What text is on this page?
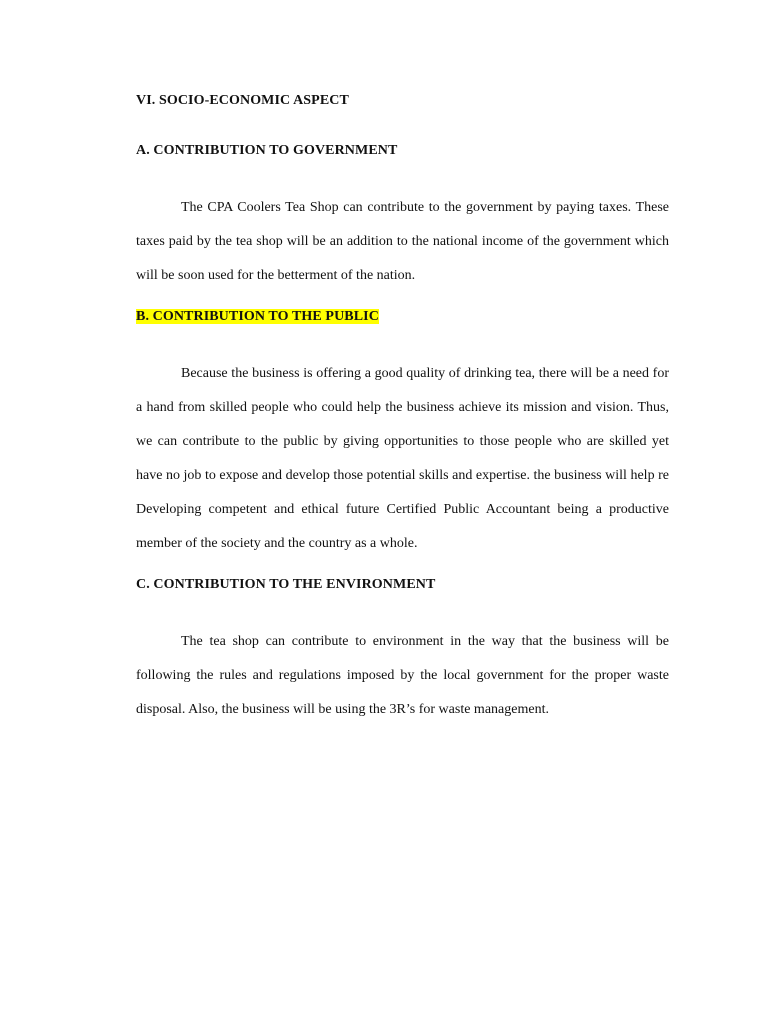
VI. SOCIO-ECONOMIC ASPECT

A. CONTRIBUTION TO GOVERNMENT

The CPA Coolers Tea Shop can contribute to the government by paying taxes. These taxes paid by the tea shop will be an addition to the national income of the government which will be soon used for the betterment of the nation.

B. CONTRIBUTION TO THE PUBLIC

Because the business is offering a good quality of drinking tea, there will be a need for a hand from skilled people who could help the business achieve its mission and vision. Thus, we can contribute to the public by giving opportunities to those people who are skilled yet have no job to expose and develop those potential skills and expertise. the business will help re Developing competent and ethical future Certified Public Accountant being a productive member of the society and the country as a whole.

C. CONTRIBUTION TO THE ENVIRONMENT

The tea shop can contribute to environment in the way that the business will be following the rules and regulations imposed by the local government for the proper waste disposal. Also, the business will be using the 3R’s for waste management.
